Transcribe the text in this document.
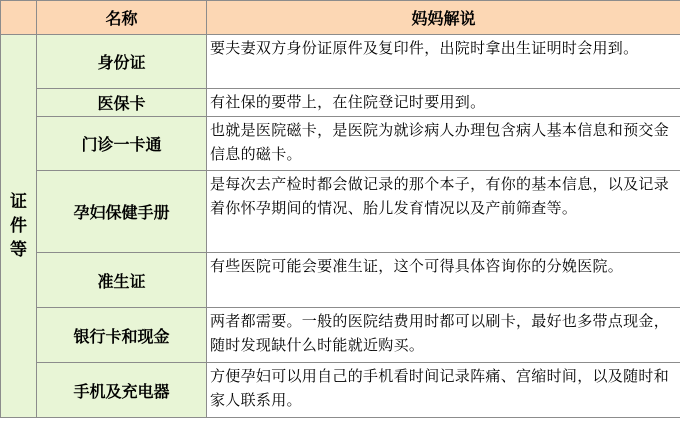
	名称	妈妈解说

证
件
等	身份证	要夫妻双方身份证原件及复印件，出院时拿出生证明时会用到。
	医保卡	有社保的要带上，在住院登记时要用到。
	门诊一卡通	也就是医院磁卡，是医院为就诊病人办理包含病人基本信息和预交金信息的磁卡。
	孕妇保健手册	是每次去产检时都会做记录的那个本子，有你的基本信息，以及记录着你怀孕期间的情况、胎儿发育情况以及产前筛查等。
	准生证	有些医院可能会要准生证，这个可得具体咨询你的分娩医院。
	银行卡和现金	两者都需要。一般的医院结费用时都可以刷卡，最好也多带点现金，随时发现缺什么时能就近购买。
	手机及充电器	方便孕妇可以用自己的手机看时间记录阵痛、宫缩时间，以及随时和家人联系用。
